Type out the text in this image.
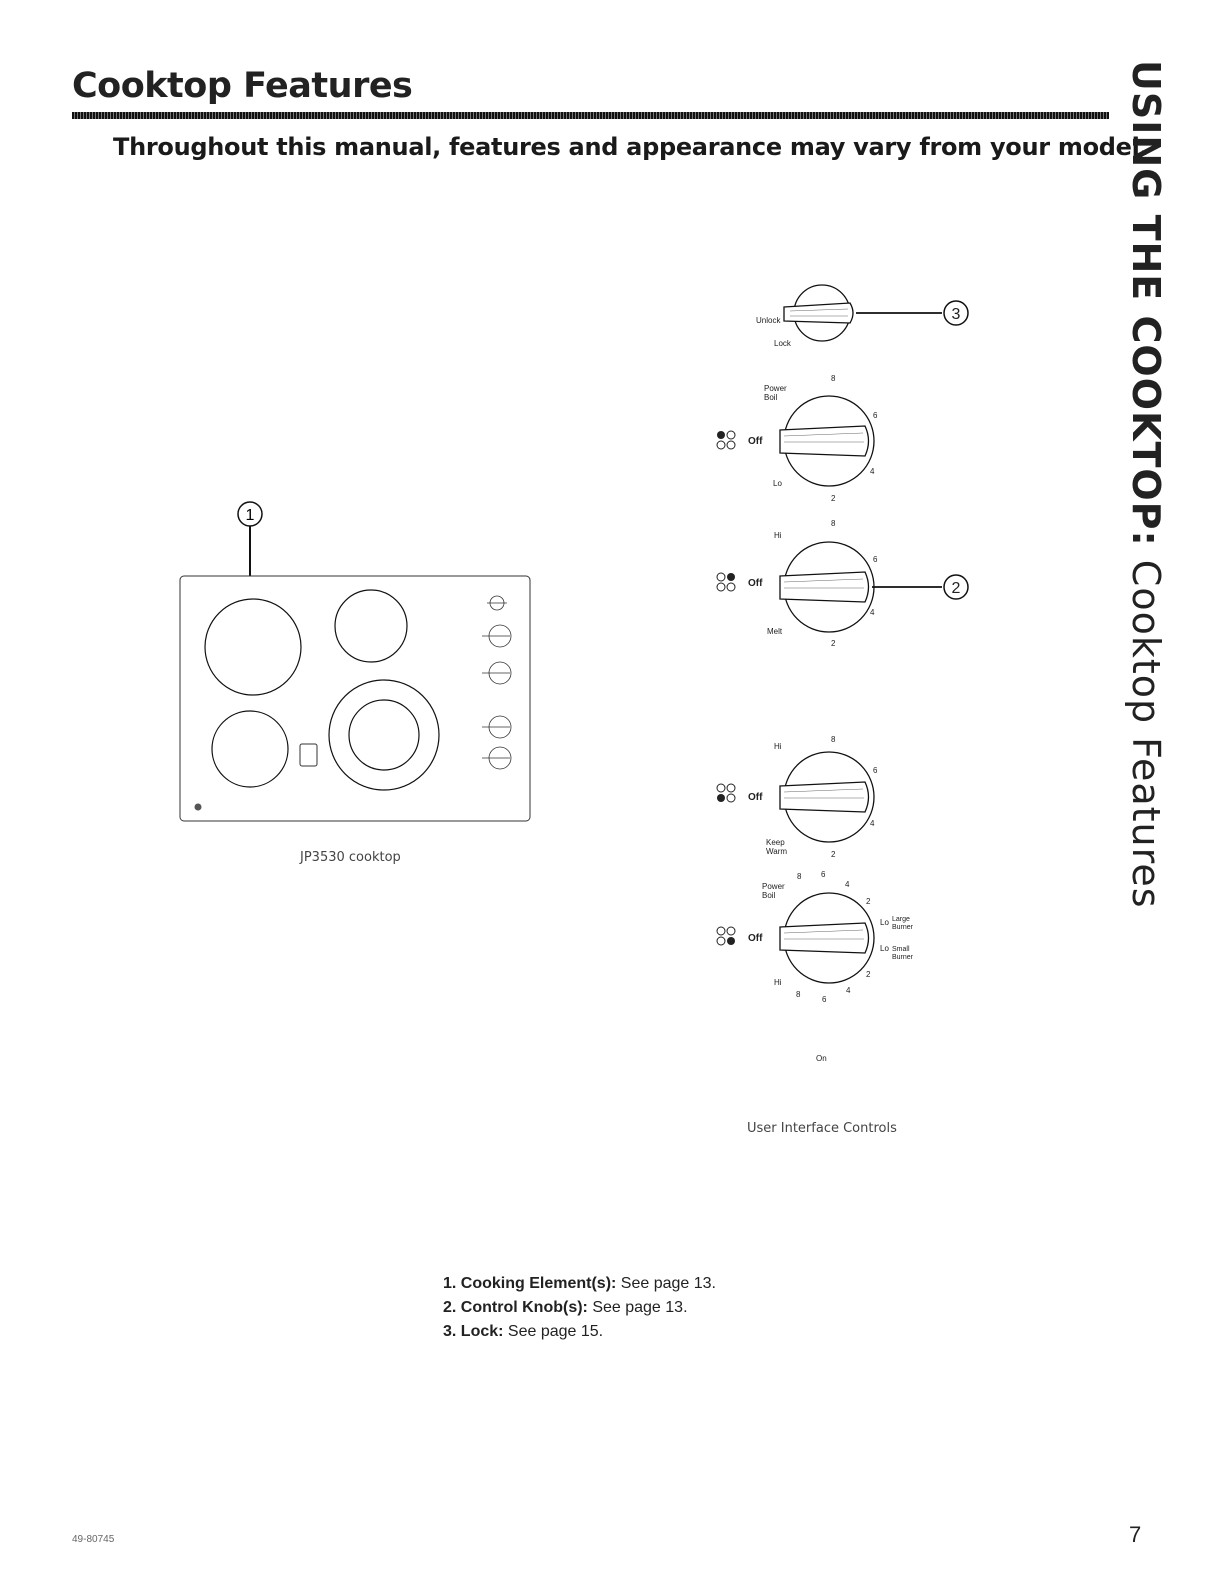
Cooktop Features
Throughout this manual, features and appearance may vary from your model.
USING THE COOKTOP: Cooktop Features
1
JP3530 cooktop
Unlock
Lock
3
Off
Power
Boil
Lo
8
6
4
2
Off
Hi
Melt
8
6
4
2
2
Off
Hi
Keep
Warm
8
6
4
2
Off
Power
Boil
Hi
8 6
4
2
Lo Large
Burner
Lo Small
Burner
2
4
6
8
On
User Interface Controls
1. Cooking Element(s): See page 13.
2. Control Knob(s): See page 13.
3. Lock: See page 15.
49-80745	7
